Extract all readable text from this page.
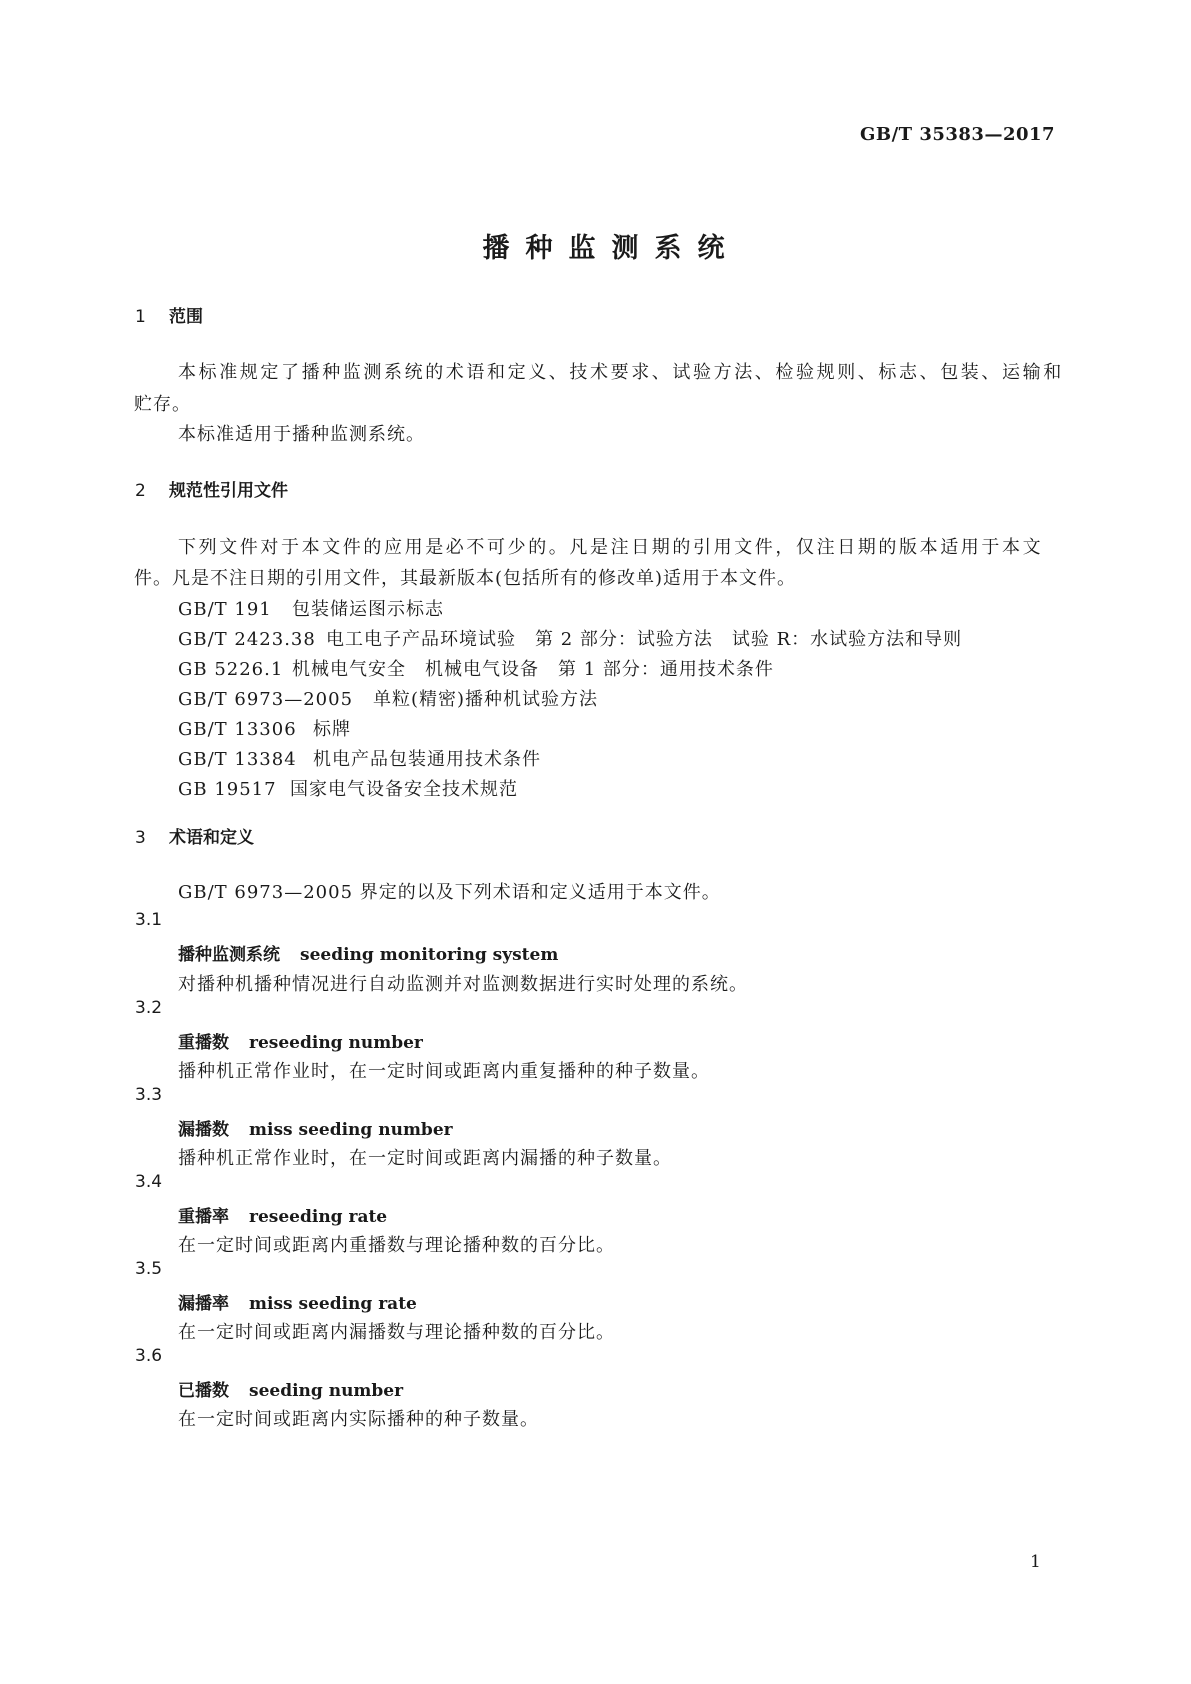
GB/T 35383—2017
播种监测系统
1 范围
本标准规定了播种监测系统的术语和定义、技术要求、试验方法、检验规则、标志、包装、运输和
贮存。
本标准适用于播种监测系统。
2 规范性引用文件
下列文件对于本文件的应用是必不可少的。凡是注日期的引用文件，仅注日期的版本适用于本文
件。凡是不注日期的引用文件，其最新版本(包括所有的修改单)适用于本文件。
GB/T 191 包装储运图示标志
GB/T 2423.38 电工电子产品环境试验　第 2 部分：试验方法　试验 R：水试验方法和导则
GB 5226.1 机械电气安全　机械电气设备　第 1 部分：通用技术条件
GB/T 6973—2005 单粒(精密)播种机试验方法
GB/T 13306 标牌
GB/T 13384 机电产品包装通用技术条件
GB 19517 国家电气设备安全技术规范
3 术语和定义
GB/T 6973—2005 界定的以及下列术语和定义适用于本文件。
3.1
播种监测系统 seeding monitoring system
对播种机播种情况进行自动监测并对监测数据进行实时处理的系统。
3.2
重播数 reseeding number
播种机正常作业时，在一定时间或距离内重复播种的种子数量。
3.3
漏播数 miss seeding number
播种机正常作业时，在一定时间或距离内漏播的种子数量。
3.4
重播率 reseeding rate
在一定时间或距离内重播数与理论播种数的百分比。
3.5
漏播率 miss seeding rate
在一定时间或距离内漏播数与理论播种数的百分比。
3.6
已播数 seeding number
在一定时间或距离内实际播种的种子数量。
1
